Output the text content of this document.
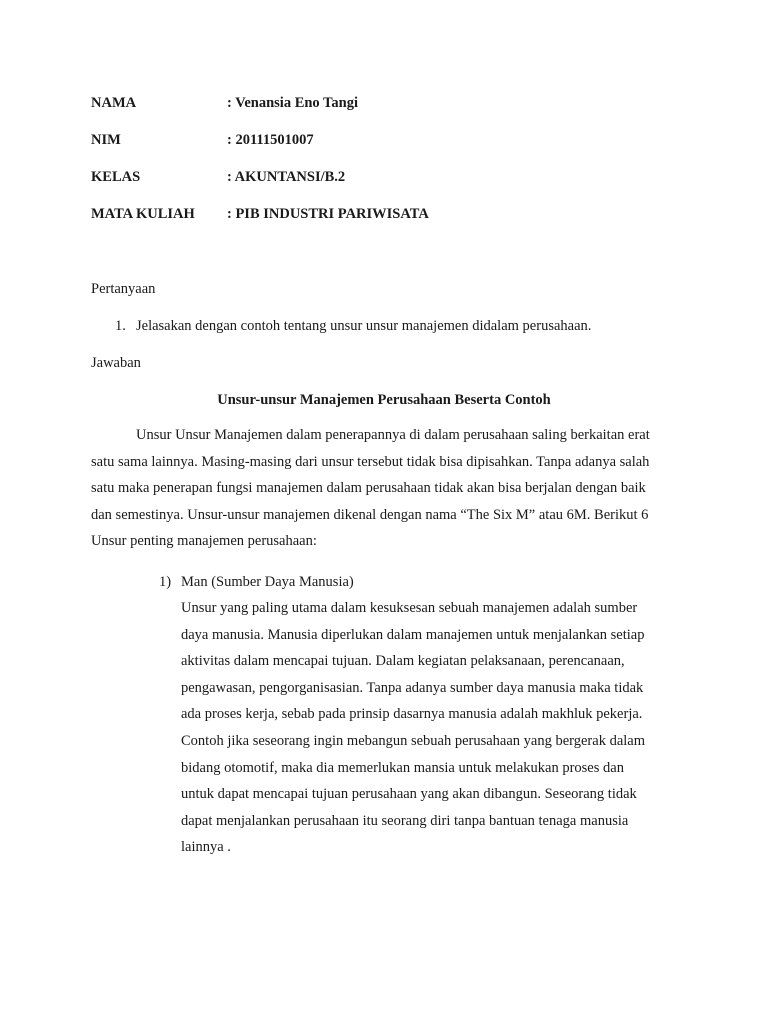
NAMA	: Venansia Eno Tangi
NIM	: 20111501007
KELAS	: AKUNTANSI/B.2
MATA KULIAH : PIB INDUSTRI PARIWISATA
Pertanyaan
1. Jelasakan dengan contoh tentang unsur unsur manajemen didalam perusahaan.
Jawaban
Unsur-unsur Manajemen Perusahaan Beserta Contoh
Unsur Unsur Manajemen dalam penerapannya di dalam perusahaan saling berkaitan erat
satu sama lainnya. Masing-masing dari unsur tersebut tidak bisa dipisahkan. Tanpa adanya salah
satu maka penerapan fungsi manajemen dalam perusahaan tidak akan bisa berjalan dengan baik
dan semestinya. Unsur-unsur manajemen dikenal dengan nama “The Six M” atau 6M. Berikut 6
Unsur penting manajemen perusahaan:
1) Man (Sumber Daya Manusia)
Unsur yang paling utama dalam kesuksesan sebuah manajemen adalah sumber
daya manusia. Manusia diperlukan dalam manajemen untuk menjalankan setiap
aktivitas dalam mencapai tujuan. Dalam kegiatan pelaksanaan, perencanaan,
pengawasan, pengorganisasian. Tanpa adanya sumber daya manusia maka tidak
ada proses kerja, sebab pada prinsip dasarnya manusia adalah makhluk pekerja.
Contoh jika seseorang ingin mebangun sebuah perusahaan yang bergerak dalam
bidang otomotif, maka dia memerlukan mansia untuk melakukan proses dan
untuk dapat mencapai tujuan perusahaan yang akan dibangun. Seseorang tidak
dapat menjalankan perusahaan itu seorang diri tanpa bantuan tenaga manusia
lainnya .
